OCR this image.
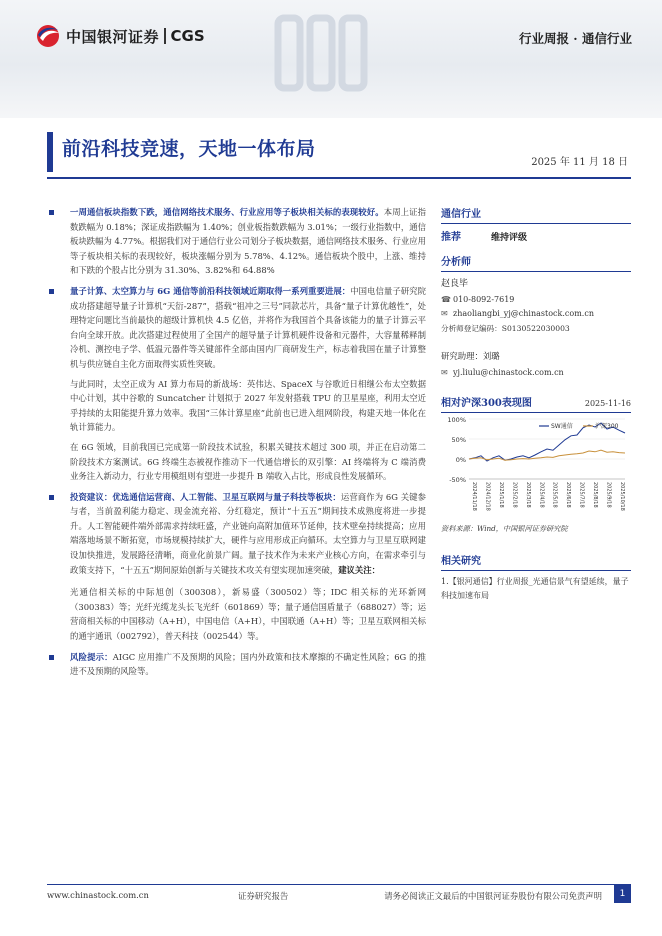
中国银河证券 CGS	行业周报 · 通信行业
前沿科技竞速，天地一体布局
2025 年 11 月 18 日
一周通信板块指数下跌，通信网络技术服务、行业应用等子板块相关标的表现较好。本周上证指数跌幅为 0.18%；深证成指跌幅为 1.40%；创业板指数跌幅为 3.01%；一级行业指数中，通信板块跌幅为 4.77%。根据我们对于通信行业公司划分子板块数据，通信网络技术服务、行业应用等子板块相关标的表现较好，板块涨幅分别为 5.78%、4.12%。通信板块个股中，上涨、维持和下跌的个股占比分别为 31.30%、3.82%和 64.88%
量子计算、太空算力与 6G 通信等前沿科技领域近期取得一系列重要进展：中国电信量子研究院成功搭建超导量子计算机“天衍-287”，搭载“祖冲之三号”同款芯片，具备“量子计算优越性”，处理特定问题比当前最快的超级计算机快 4.5 亿倍，并将作为我国首个具备该能力的量子计算云平台向全球开放。此次搭建过程使用了全国产的超导量子计算机硬件设备和元器件，大容量稀释制冷机、测控电子学、低温元器件等关键部件全部由国内厂商研发生产，标志着我国在量子计算整机与供应链自主化方面取得实质性突破。
与此同时，太空正成为 AI 算力布局的新战场：英伟达、SpaceX 与谷歌近日相继公布太空数据中心计划，其中谷歌的 Suncatcher 计划拟于 2027 年发射搭载 TPU 的卫星星座，利用太空近乎持续的太阳能提升算力效率。我国“三体计算星座”此前也已进入组网阶段，构建天地一体化在轨计算能力。
在 6G 领域，目前我国已完成第一阶段技术试验，积累关键技术超过 300 项，并正在启动第二阶段技术方案测试。6G 终端生态被视作推动下一代通信增长的双引擎：AI 终端将为 C 端消费业务注入新动力，行业专用模组则有望进一步提升 B 端收入占比，形成良性发展循环。
投资建议：优选通信运营商、人工智能、卫星互联网与量子科技等板块：运营商作为 6G 关键参与者，当前盈利能力稳定、现金流充裕、分红稳定，预计“十五五”期间技术成熟度将进一步提升。人工智能硬件端外部需求持续旺盛，产业链向高附加值环节延伸，技术壁垒持续提高；应用端落地场景不断拓宽，市场规模持续扩大，硬件与应用形成正向循环。太空算力与卫星互联网建设加快推进，发展路径清晰，商业化前景广阔。量子技术作为未来产业核心方向，在需求牵引与政策支持下，“十五五”期间原始创新与关键技术攻关有望实现加速突破，建议关注：
光通信相关标的中际旭创（300308），新易盛（300502）等；IDC 相关标的光环新网（300383）等；光纤光缆龙头长飞光纤（601869）等；量子通信国盾量子（688027）等；运营商相关标的中国移动（A+H），中国电信（A+H），中国联通（A+H）等；卫星互联网相关标的通宇通讯（002792），普天科技（002544）等。
风险提示：AIGC 应用推广不及预期的风险；国内外政策和技术摩擦的不确定性风险；6G 的推进不及预期的风险等。
通信行业
推荐	维持评级
分析师
赵良毕
☎ 010-8092-7619
✉ zhaoliangbi_yj@chinastock.com.cn
分析师登记编码：S0130522030003
研究助理：刘璐
✉ yj.liulu@chinastock.com.cn
相对沪深300表现图	2025-11-16
100%
50%
0%
-50%
2024/11/18 2024/12/18 2025/1/18 2025/2/18 2025/3/18 2025/4/18 2025/5/18 2025/6/18 2025/7/18 2025/8/18 2025/9/18 2025/10/18
SW通信	沪深300
资料来源：Wind，中国银河证券研究院
相关研究
1.【银河通信】行业周报_光通信景气有望延续，量子科技加速布局
www.chinastock.com.cn	证券研究报告	请务必阅读正文最后的中国银河证券股份有限公司免责声明	1
